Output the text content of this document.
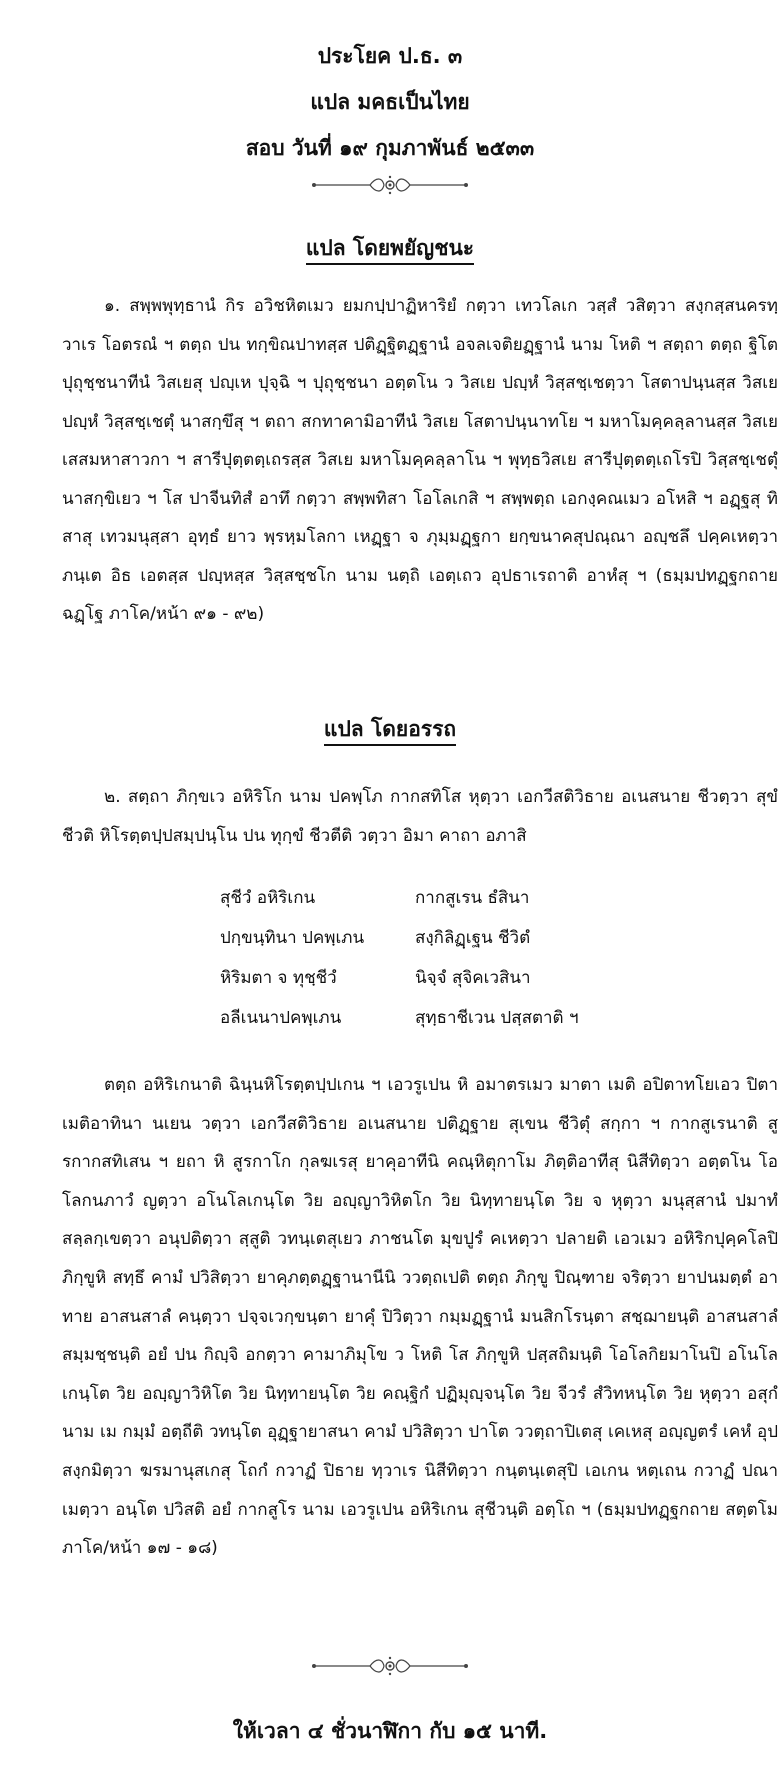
ประโยค ป.ธ. ๓
แปล มคธเป็นไทย
สอบ วันที่ ๑๙ กุมภาพันธ์ ๒๕๓๓
แปล โดยพยัญชนะ

๑. สพฺพพุทฺธานํ กิร อวิชหิตเมว ยมกปฺปาฏิหาริยํ กตฺวา เทวโลเก วสฺสํ วสิตฺวา สงฺกสฺสนครทฺวาเร โอตรณํ ฯ ตตฺถ ปน ทกฺขิณปาทสฺส ปติฏฺฐิตฏฺฐานํ อจลเจติยฏฺฐานํ นาม โหติ ฯ สตฺถา ตตฺถ ฐิโต ปุถุชฺชนาทีนํ วิสเยสุ ปญฺเห ปุจฺฉิ ฯ ปุถุชฺชนา อตฺตโน ว วิสเย ปญฺหํ วิสฺสชฺเชตฺวา โสตาปนฺนสฺส วิสเย ปญฺหํ วิสฺสชฺเชตุํ นาสกฺขึสุ ฯ ตถา สกทาคามิอาทีนํ วิสเย โสตาปนฺนาทโย ฯ มหาโมคฺคลฺลานสฺส วิสเย เสสมหาสาวกา ฯ สารีปุตฺตตฺเถรสฺส วิสเย มหาโมคฺคลฺลาโน ฯ พุทฺธวิสเย สารีปุตฺตตฺเถโรปิ วิสฺสชฺเชตุํ นาสกฺขิเยว ฯ โส ปาจีนทิสํ อาทึ กตฺวา สพฺพทิสา โอโลเกสิ ฯ สพฺพตฺถ เอกงฺคณเมว อโหสิ ฯ อฏฺฐสุ ทิสาสุ เทวมนุสฺสา อุทฺธํ ยาว พฺรหฺมโลกา เหฏฺฐา จ ภุมฺมฏฺฐกา ยกฺขนาคสุปณฺณา อญฺชลึ ปคฺคเหตฺวา ภนฺเต อิธ เอตสฺส ปญฺหสฺส วิสฺสชฺชโก นาม นตฺถิ เอตฺเถว อุปธาเรถาติ อาหํสุ ฯ (ธมฺมปทฏฺฐกถาย ฉฏฺโฐ ภาโค/หน้า ๙๑ - ๙๒)

แปล โดยอรรถ

๒. สตฺถา ภิกฺขเว อหิริโก นาม ปคพฺโภ กากสทิโส หุตฺวา เอกวีสติวิธาย อเนสนาย ชีวตฺวา สุขํ ชีวติ หิโรตฺตปฺปสมฺปนฺโน ปน ทุกฺขํ ชีวตีติ วตฺวา อิมา คาถา อภาสิ

สุชีวํ อหิริเกน	กากสูเรน ธํสินา
ปกฺขนฺทินา ปคพฺเภน	สงฺกิลิฏฺเฐน ชีวิตํ
หิริมตา จ ทุชฺชีวํ	นิจฺจํ สุจิคเวสินา
อลีเนนาปคพฺเภน	สุทฺธาชีเวน ปสฺสตาติ ฯ

ตตฺถ อหิริเกนาติ ฉินฺนหิโรตฺตปฺปเกน ฯ เอวรูเปน หิ อมาตรเมว มาตา เมติ อปิตาทโยเอว ปิตา เมติอาทินา นเยน วตฺวา เอกวีสติวิธาย อเนสนาย ปติฏฺฐาย สุเขน ชีวิตุํ สกฺกา ฯ กากสูเรนาติ สูรกากสทิเสน ฯ ยถา หิ สูรกาโก กุลฆเรสุ ยาคุอาทีนิ คณฺหิตุกาโม ภิตฺติอาทีสุ นิสีทิตฺวา อตฺตโน โอโลกนภาวํ ญตฺวา อโนโลเกนฺโต วิย อญฺญาวิหิตโก วิย นิทฺทายนฺโต วิย จ หุตฺวา มนุสฺสานํ ปมาทํ สลฺลกฺเขตฺวา อนุปติตฺวา สฺสูติ วทนฺเตสุเยว ภาชนโต มุขปูรํ คเหตฺวา ปลายติ เอวเมว อหิริกปุคฺคโลปิ ภิกฺขูหิ สทฺธึ คามํ ปวิสิตฺวา ยาคุภตฺตฏฺฐานานีนิ ววตฺถเปติ ตตฺถ ภิกฺขู ปิณฺฑาย จริตฺวา ยาปนมตฺตํ อาทาย อาสนสาลํ คนฺตฺวา ปจฺจเวกฺขนฺตา ยาคุํ ปิวิตฺวา กมฺมฏฺฐานํ มนสิกโรนฺตา สชฺฌายนฺติ อาสนสาลํ สมฺมชฺชนฺติ อยํ ปน กิญฺจิ อกตฺวา คามาภิมุโข ว โหติ โส ภิกฺขูหิ ปสฺสถิมนฺติ โอโลกิยมาโนปิ อโนโลเกนฺโต วิย อญฺญาวิหิโต วิย นิทฺทายนฺโต วิย คณฺฐิกํ ปฏิมุญฺจนฺโต วิย จีวรํ สํวิทหนฺโต วิย หุตฺวา อสุกํ นาม เม กมฺมํ อตฺถีติ วทนฺโต อุฏฺฐายาสนา คามํ ปวิสิตฺวา ปาโต ววตฺถาปิเตสุ เคเหสุ อญฺญตรํ เคหํ อุปสงฺกมิตฺวา ฆรมานุสเกสุ โถกํ กวาฏํ ปิธาย ทฺวาเร นิสีทิตฺวา กนฺตนฺเตสุปิ เอเกน หตฺเถน กวาฏํ ปณาเมตฺวา อนฺโต ปวิสติ อยํ กากสูโร นาม เอวรูเปน อหิริเกน สุชีวนฺติ อตฺโถ ฯ (ธมฺมปทฏฺฐกถาย สตฺตโม ภาโค/หน้า ๑๗ - ๑๘)

ให้เวลา ๔ ชั่วนาฬิกา กับ ๑๕ นาที.
